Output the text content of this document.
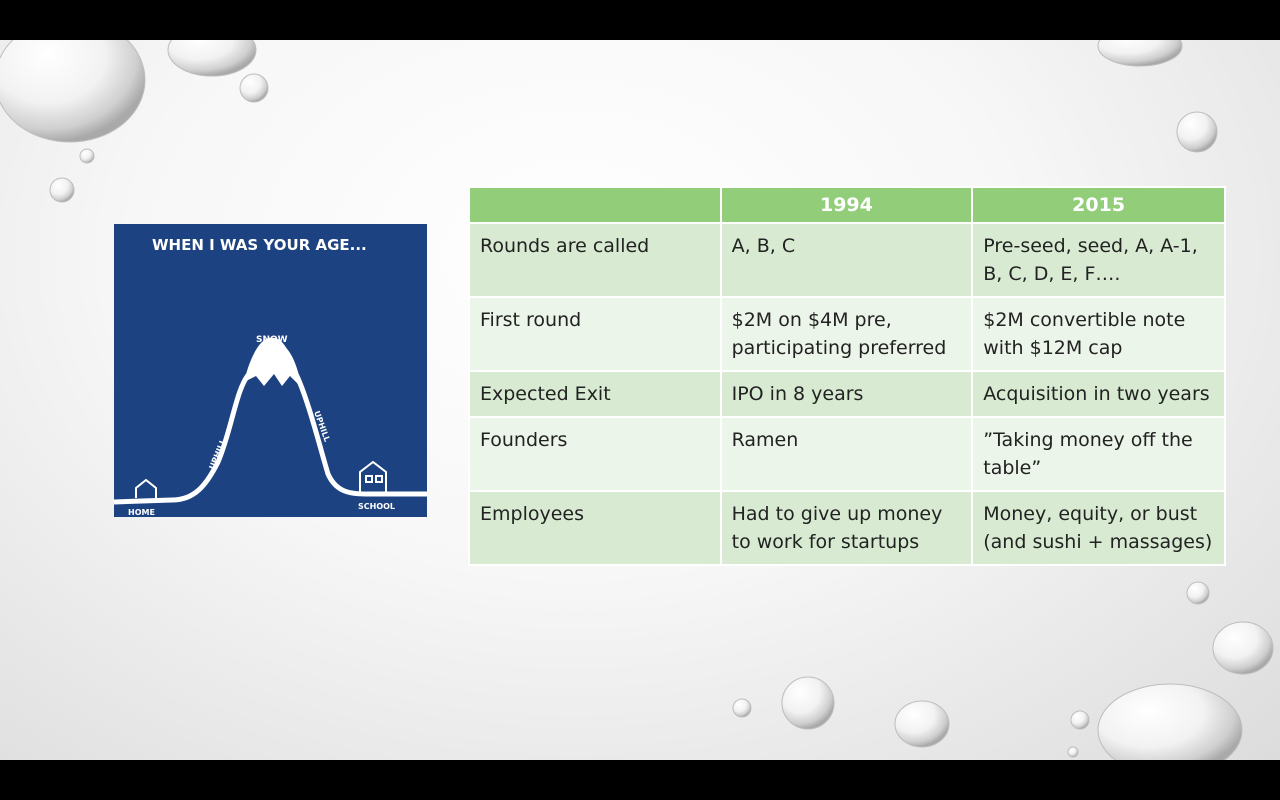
WHEN I WAS YOUR AGE...
SNOW
UPHILL
UPHILL
HOME
SCHOOL
	1994	2015
Rounds are called	A, B, C	Pre-seed, seed, A, A-1, B, C, D, E, F….
First round	$2M on $4M pre, participating preferred	$2M convertible note with $12M cap
Expected Exit	IPO in 8 years	Acquisition in two years
Founders	Ramen	”Taking money off the table”
Employees	Had to give up money to work for startups	Money, equity, or bust (and sushi + massages)
